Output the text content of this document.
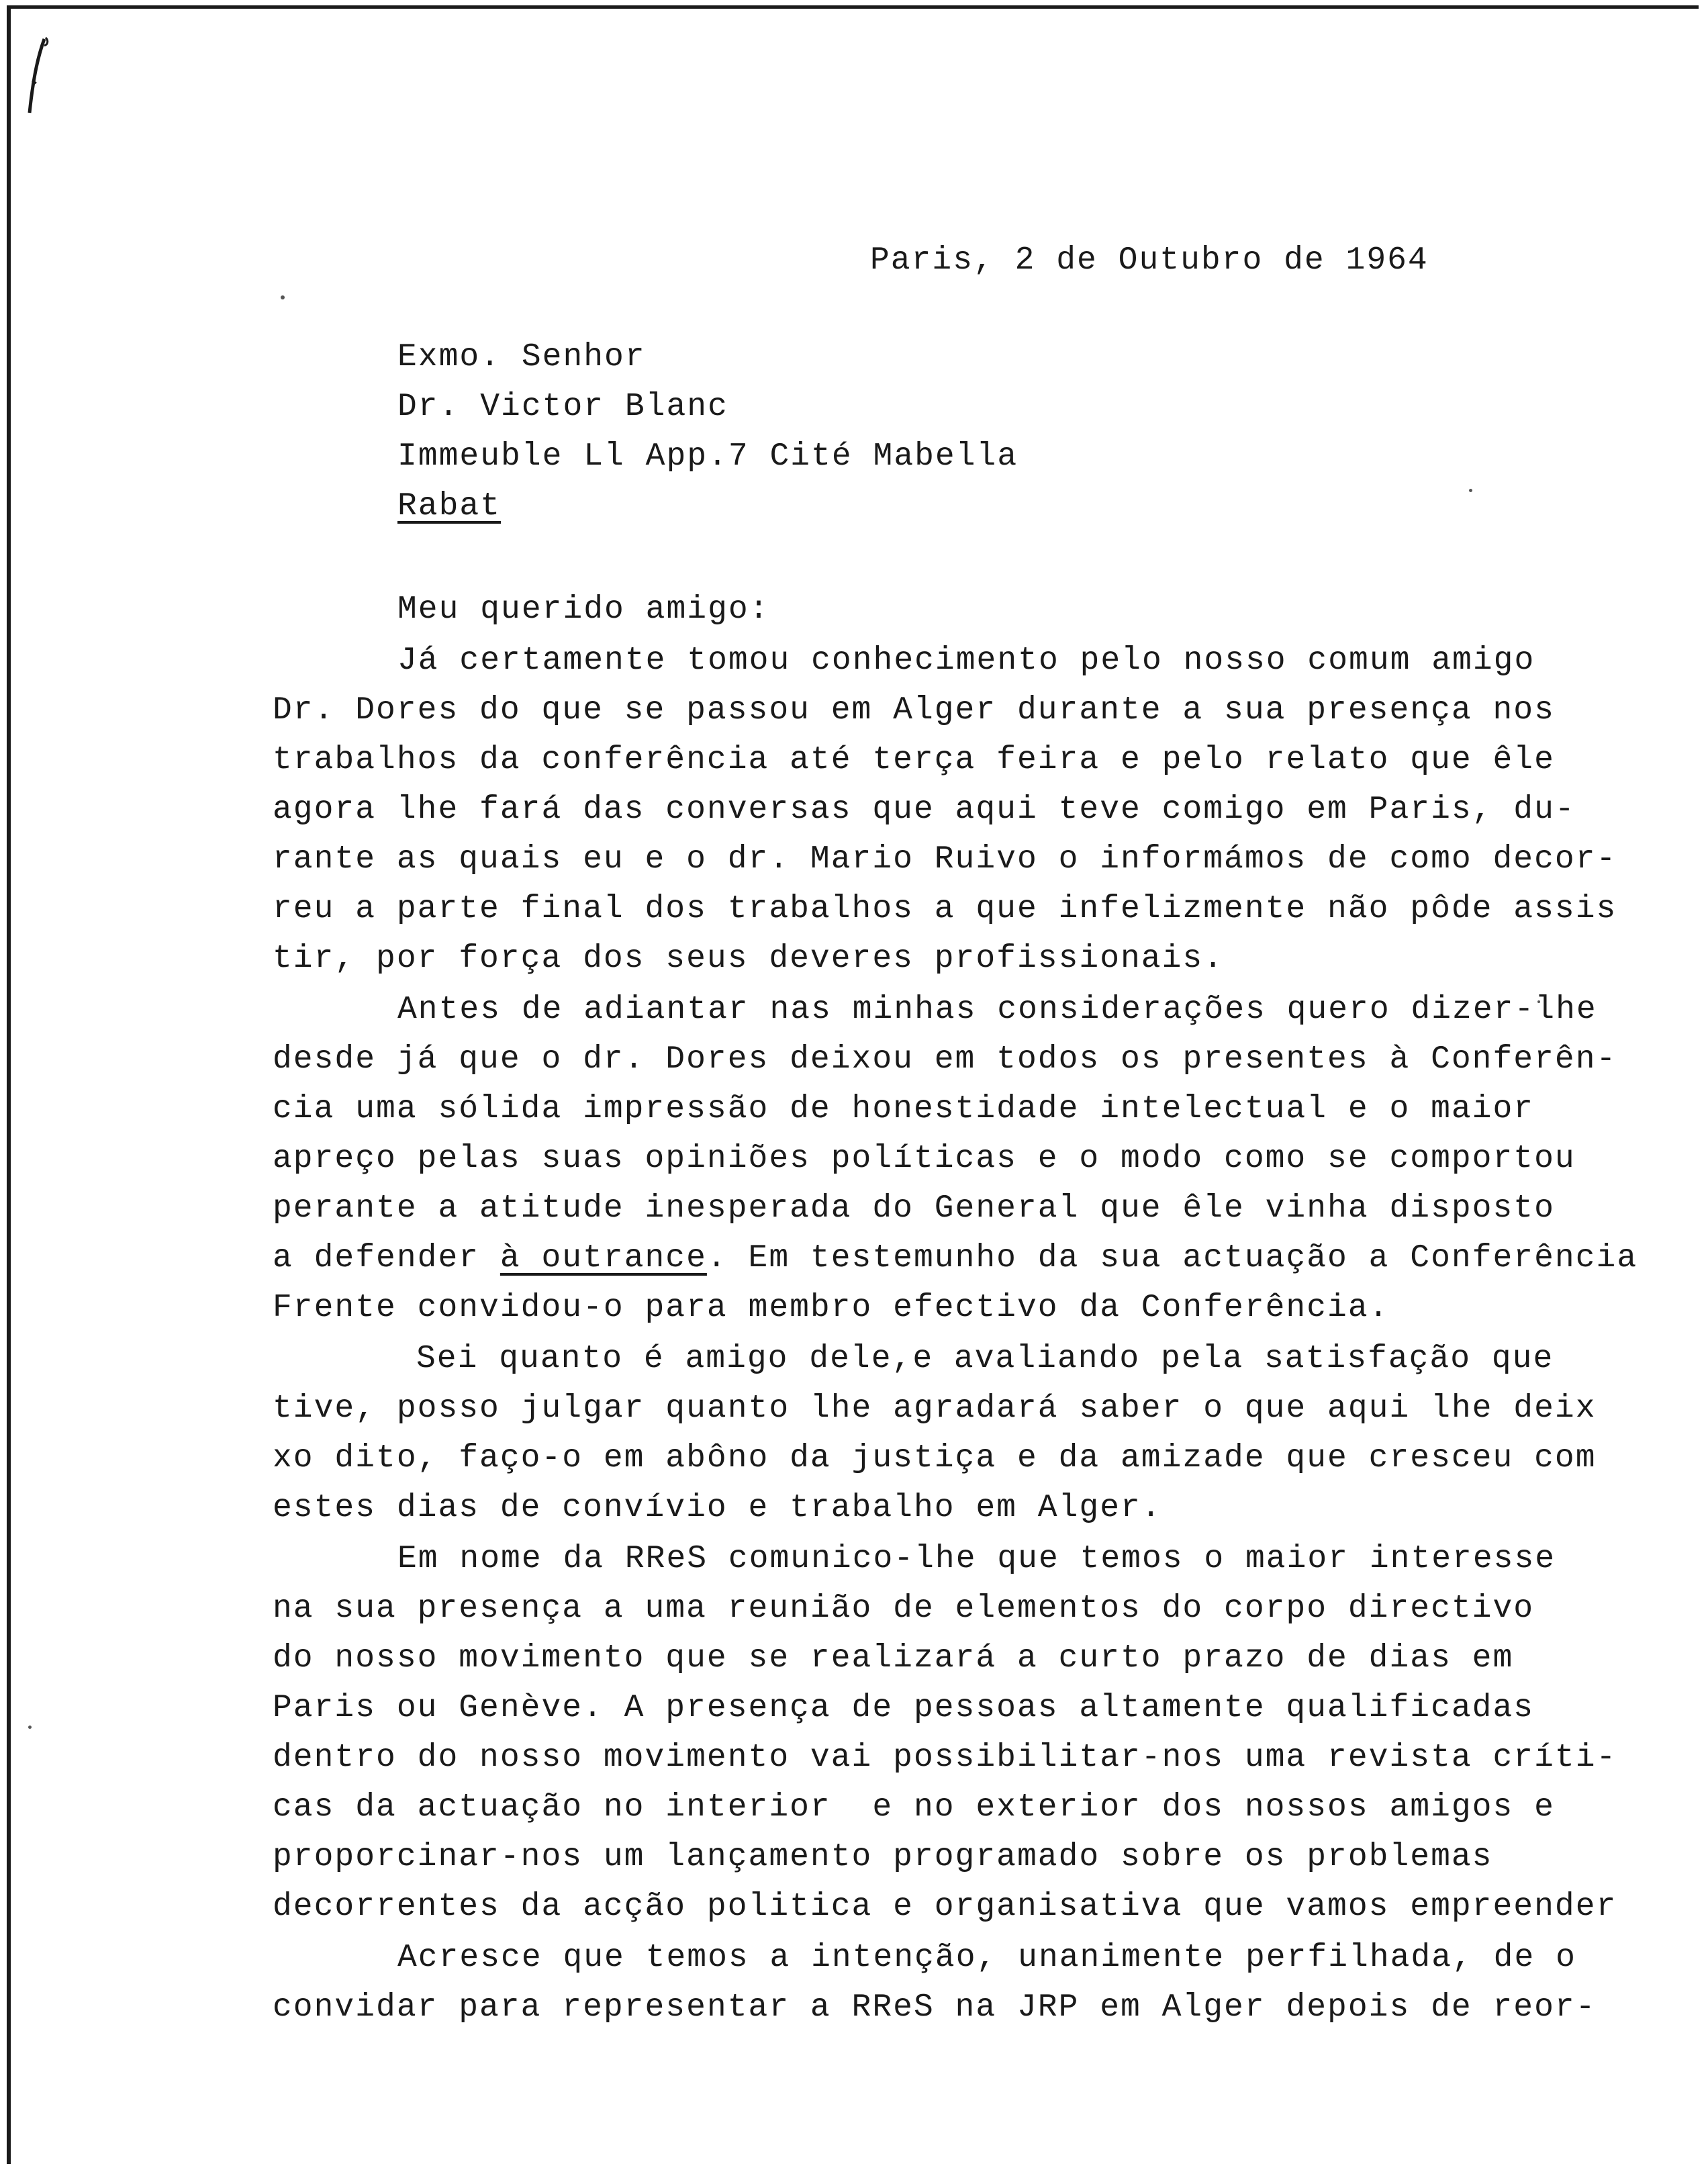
Paris, 2 de Outubro de 1964
Exmo. Senhor
Dr. Victor Blanc
Immeuble Ll App.7 Cité Mabella
Rabat
Meu querido amigo:
Já certamente tomou conhecimento pelo nosso comum amigo
Dr. Dores do que se passou em Alger durante a sua presença nos
trabalhos da conferência até terça feira e pelo relato que êle
agora lhe fará das conversas que aqui teve comigo em Paris, du-
rante as quais eu e o dr. Mario Ruivo o informámos de como decor-
reu a parte final dos trabalhos a que infelizmente não pôde assis
tir, por força dos seus deveres profissionais.
Antes de adiantar nas minhas considerações quero dizer-lhe
desde já que o dr. Dores deixou em todos os presentes à Conferên-
cia uma sólida impressão de honestidade intelectual e o maior
apreço pelas suas opiniões políticas e o modo como se comportou
perante a atitude inesperada do General que êle vinha disposto
a defender à outrance. Em testemunho da sua actuação a Conferência
Frente convidou-o para membro efectivo da Conferência.
Sei quanto é amigo dele,e avaliando pela satisfação que
tive, posso julgar quanto lhe agradará saber o que aqui lhe deix
xo dito, faço-o em abôno da justiça e da amizade que cresceu com
estes dias de convívio e trabalho em Alger.
Em nome da RReS comunico-lhe que temos o maior interesse
na sua presença a uma reunião de elementos do corpo directivo
do nosso movimento que se realizará a curto prazo de dias em
Paris ou Genève. A presença de pessoas altamente qualificadas
dentro do nosso movimento vai possibilitar-nos uma revista críti-
cas da actuação no interior  e no exterior dos nossos amigos e
proporcinar-nos um lançamento programado sobre os problemas
decorrentes da acção politica e organisativa que vamos empreender
Acresce que temos a intenção, unanimente perfilhada, de o
convidar para representar a RReS na JRP em Alger depois de reor-
